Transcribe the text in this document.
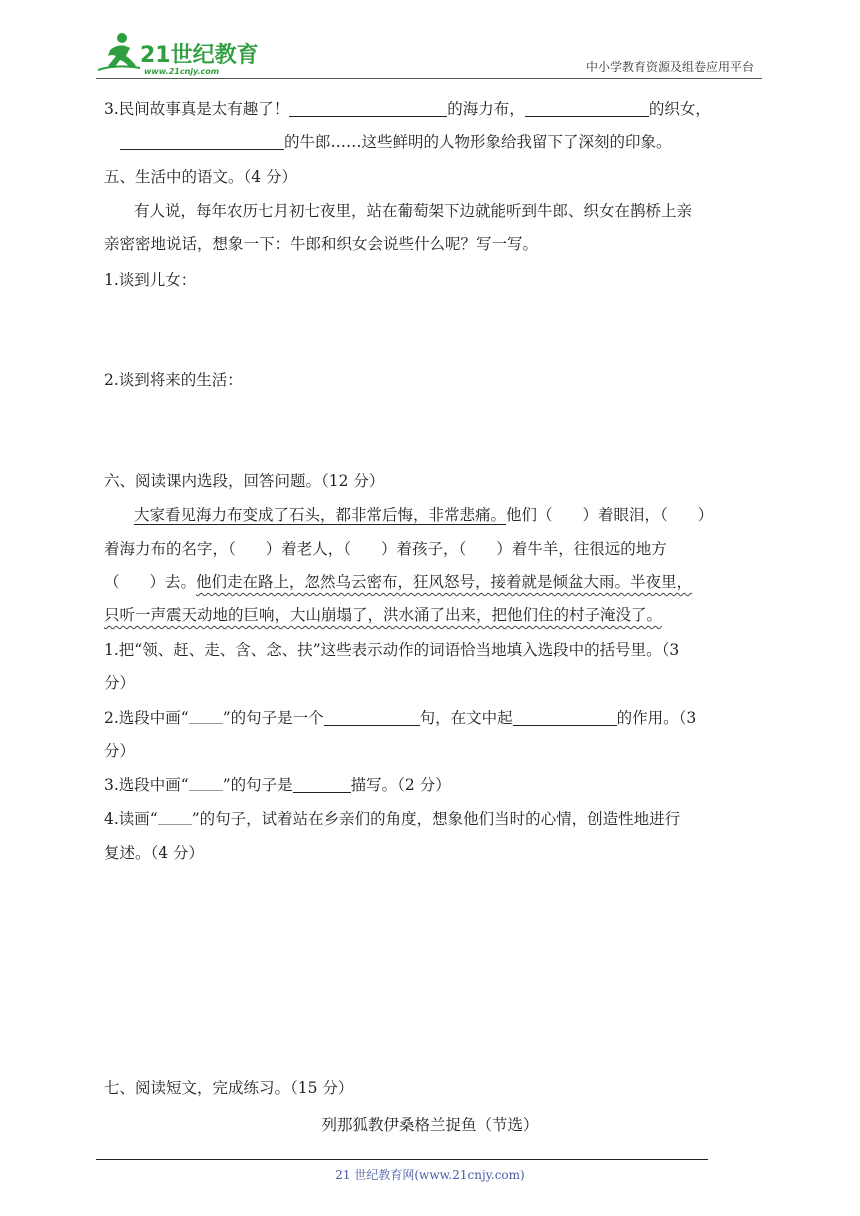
21世纪教育
www.21cnjy.com	中小学教育资源及组卷应用平台
3.民间故事真是太有趣了！	的海力布，	的织女，
的牛郎……这些鲜明的人物形象给我留下了深刻的印象。
五、生活中的语文。（4 分）
有人说，每年农历七月初七夜里，站在葡萄架下边就能听到牛郎、织女在鹊桥上亲
亲密密地说话，想象一下：牛郎和织女会说些什么呢？写一写。
1.谈到儿女：
2.谈到将来的生活：
六、阅读课内选段，回答问题。（12 分）
大家看见海力布变成了石头，都非常后悔，非常悲痛。他们（ ）着眼泪，（ ）
着海力布的名字，（ ）着老人，（ ）着孩子，（ ）着牛羊，往很远的地方
（ ）去。他们走在路上，忽然乌云密布，狂风怒号，接着就是倾盆大雨。半夜里，
只听一声震天动地的巨响，大山崩塌了，洪水涌了出来，把他们住的村子淹没了。
1.把“领、赶、走、含、念、扶”这些表示动作的词语恰当地填入选段中的括号里。（3
分）
2.选段中画“ ”的句子是一个	句，在文中起	的作用。（3
分）
3.选段中画“ ”的句子是	描写。（2 分）
4.读画“ ”的句子，试着站在乡亲们的角度，想象他们当时的心情，创造性地进行
复述。（4 分）
七、阅读短文，完成练习。（15 分）
列那狐教伊桑格兰捉鱼（节选）
21 世纪教育网(www.21cnjy.com)
